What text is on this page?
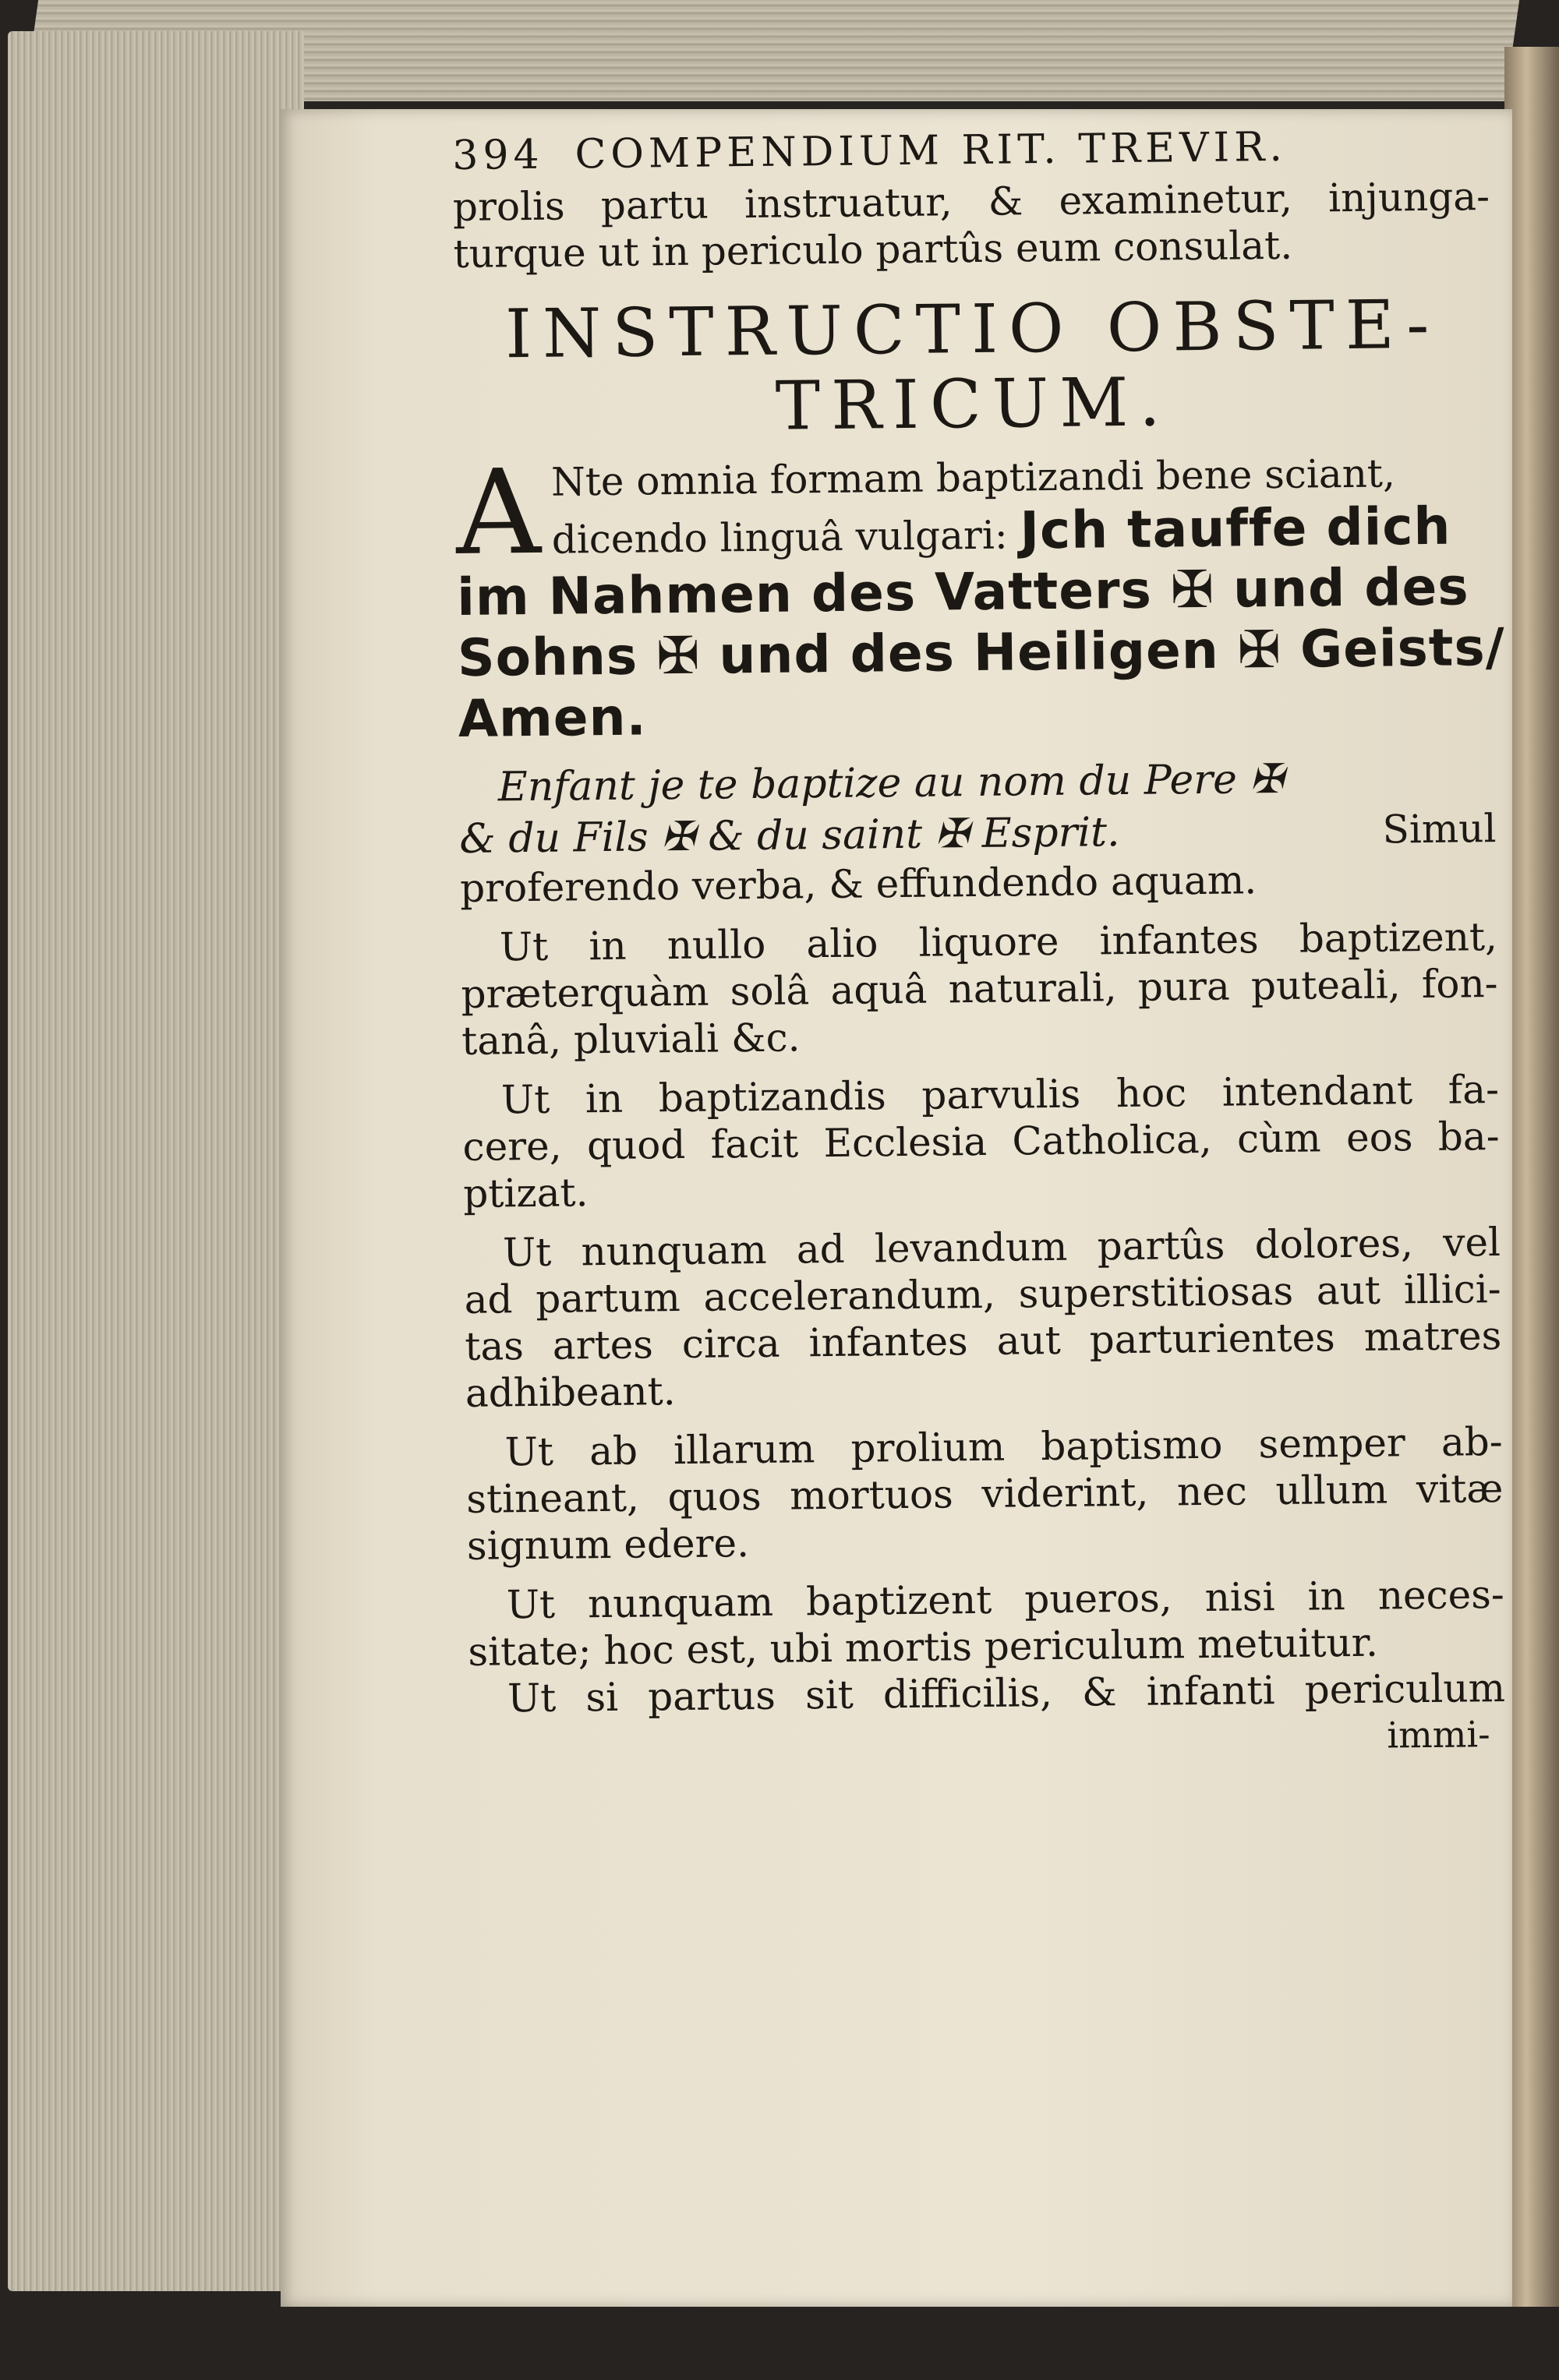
394 COMPENDIUM RIT. TREVIR.
prolis partu instruatur, & examinetur, injunga-
turque ut in periculo partûs eum consulat.
INSTRUCTIO OBSTE-
TRICUM.
A Nte omnia formam baptizandi bene sciant,
dicendo linguâ vulgari: Jch tauffe dich
im Nahmen des Vatters ✠ und des
Sohns ✠ und des Heiligen ✠ Geists/
Amen.
Enfant je te baptize au nom du Pere ✠
& du Fils ✠ & du saint ✠ Esprit.	Simul
proferendo verba, & effundendo aquam.
Ut in nullo alio liquore infantes baptizent,
præterquàm solâ aquâ naturali, pura puteali, fon-
tanâ, pluviali &c.
Ut in baptizandis parvulis hoc intendant fa-
cere, quod facit Ecclesia Catholica, cùm eos ba-
ptizat.
Ut nunquam ad levandum partûs dolores, vel
ad partum accelerandum, superstitiosas aut illici-
tas artes circa infantes aut parturientes matres
adhibeant.
Ut ab illarum prolium baptismo semper ab-
stineant, quos mortuos viderint, nec ullum vitæ
signum edere.
Ut nunquam baptizent pueros, nisi in neces-
sitate; hoc est, ubi mortis periculum metuitur.
Ut si partus sit difficilis, & infanti periculum
immi-
